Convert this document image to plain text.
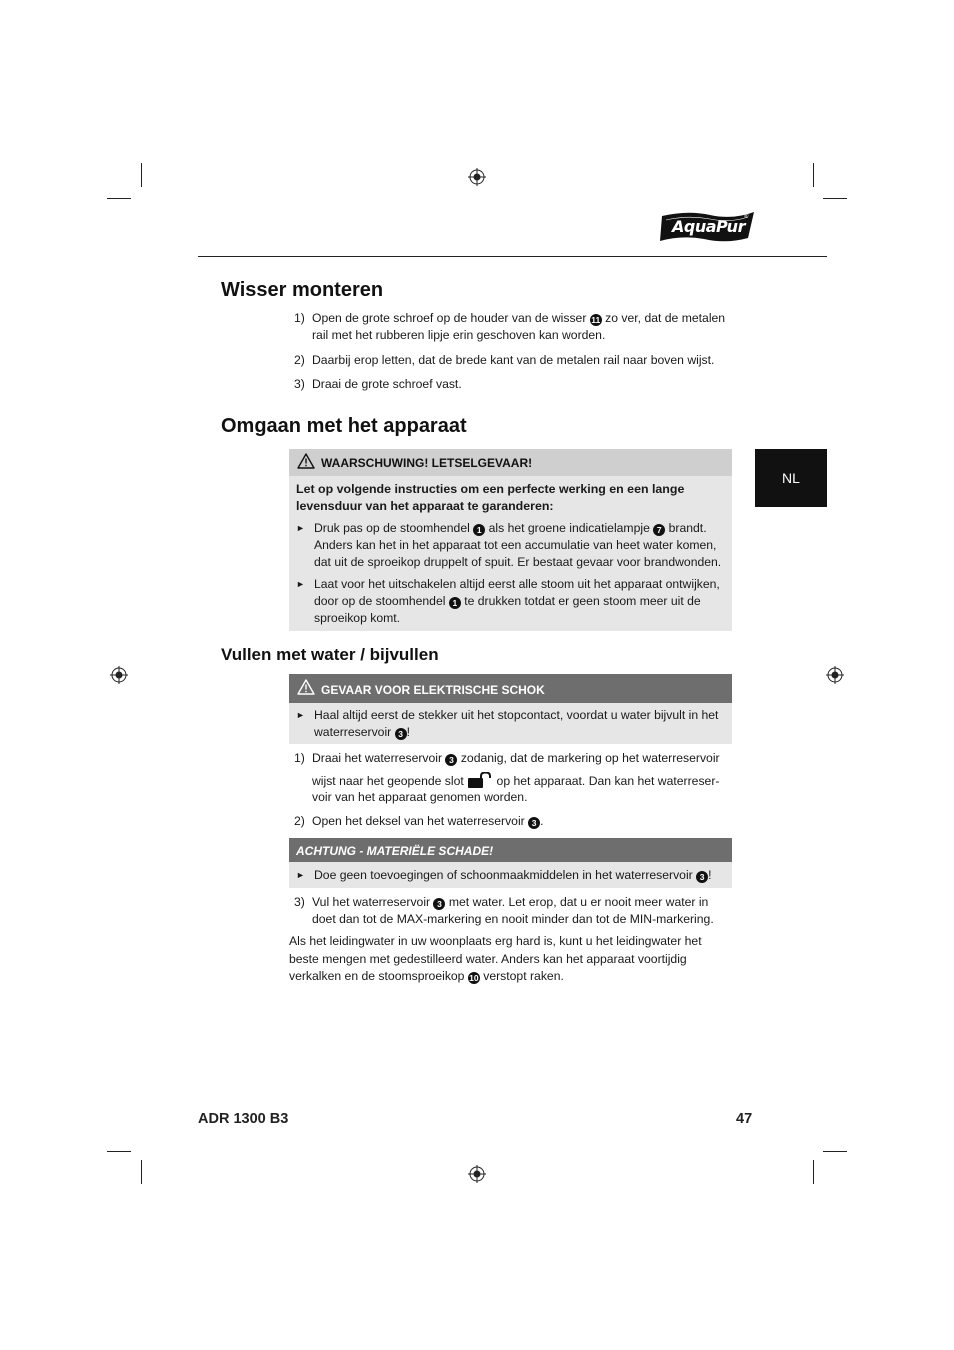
AquaPur ®
Wisser monteren
1) Open de grote schroef op de houder van de wisser 11 zo ver, dat de metalen rail met het rubberen lipje erin geschoven kan worden.
2) Daarbij erop letten, dat de brede kant van de metalen rail naar boven wijst.
3) Draai de grote schroef vast.
Omgaan met het apparaat
NL
WAARSCHUWING! LETSELGEVAAR!
Let op volgende instructies om een perfecte werking en een lange levensduur van het apparaat te garanderen:
► Druk pas op de stoomhendel 1 als het groene indicatielampje 7 brandt. Anders kan het in het apparaat tot een accumulatie van heet water komen, dat uit de sproeikop druppelt of spuit. Er bestaat gevaar voor brandwonden.
► Laat voor het uitschakelen altijd eerst alle stoom uit het apparaat ontwijken, door op de stoomhendel 1 te drukken totdat er geen stoom meer uit de sproeikop komt.
Vullen met water / bijvullen
GEVAAR VOOR ELEKTRISCHE SCHOK
► Haal altijd eerst de stekker uit het stopcontact, voordat u water bijvult in het waterreservoir 3 !
1) Draai het waterreservoir 3 zodanig, dat de markering op het waterreservoir
wijst naar het geopende slot  op het apparaat. Dan kan het waterreser-
voir van het apparaat genomen worden.
2) Open het deksel van het waterreservoir 3 .
ACHTUNG - MATERIËLE SCHADE!
► Doe geen toevoegingen of schoonmaakmiddelen in het waterreservoir 3 !
3) Vul het waterreservoir 3 met water. Let erop, dat u er nooit meer water in doet dan tot de MAX-markering en nooit minder dan tot de MIN-markering.
Als het leidingwater in uw woonplaats erg hard is, kunt u het leidingwater het beste mengen met gedestilleerd water. Anders kan het apparaat voortijdig verkalken en de stoomsproeikop 10 verstopt raken.
ADR 1300 B3	47
